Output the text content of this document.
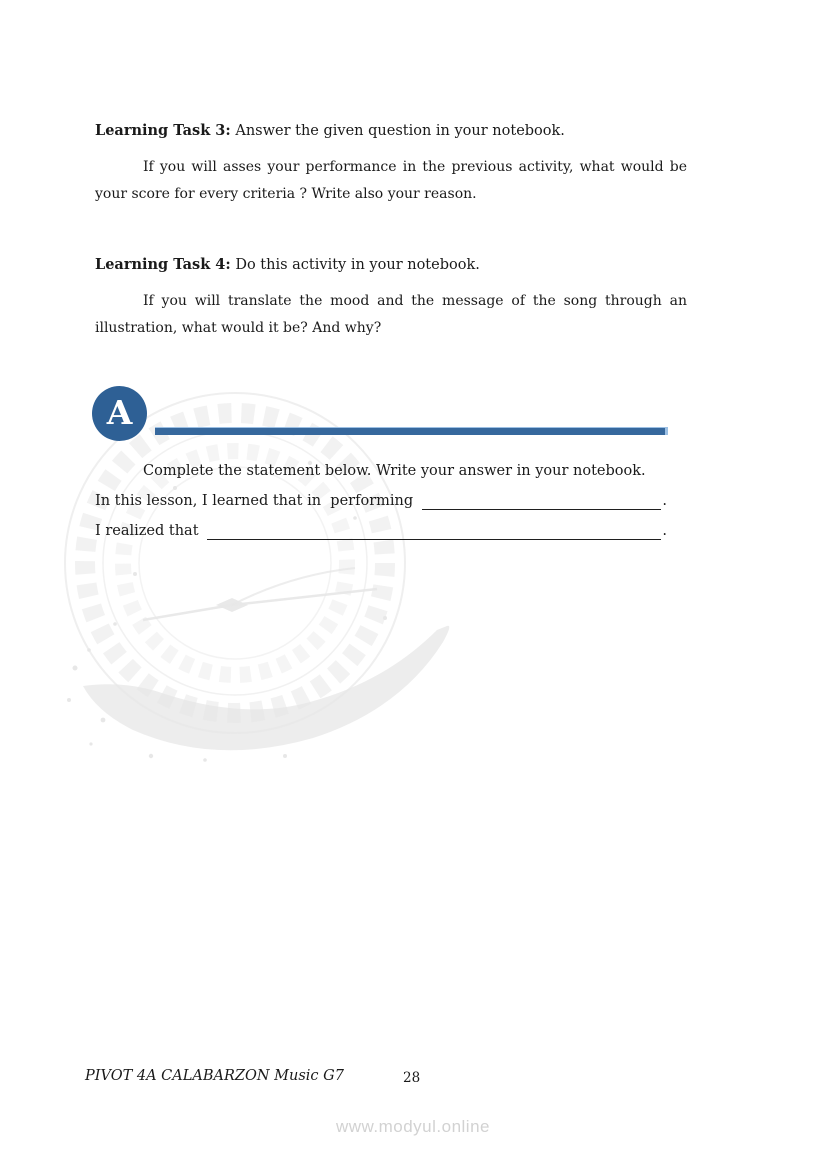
Learning Task 3: Answer the given question in your notebook.
If you will asses your performance in the previous activity, what would be your score for every criteria ? Write also your reason.
Learning Task 4: Do this activity in your notebook.
If you will translate the mood and the message of the song through an illustration, what would it be? And why?
A
Complete the statement below. Write your answer in your notebook.
In this lesson, I learned that in  performing	.
I realized that	.
PIVOT 4A CALABARZON Music G7	28
www.modyul.online
